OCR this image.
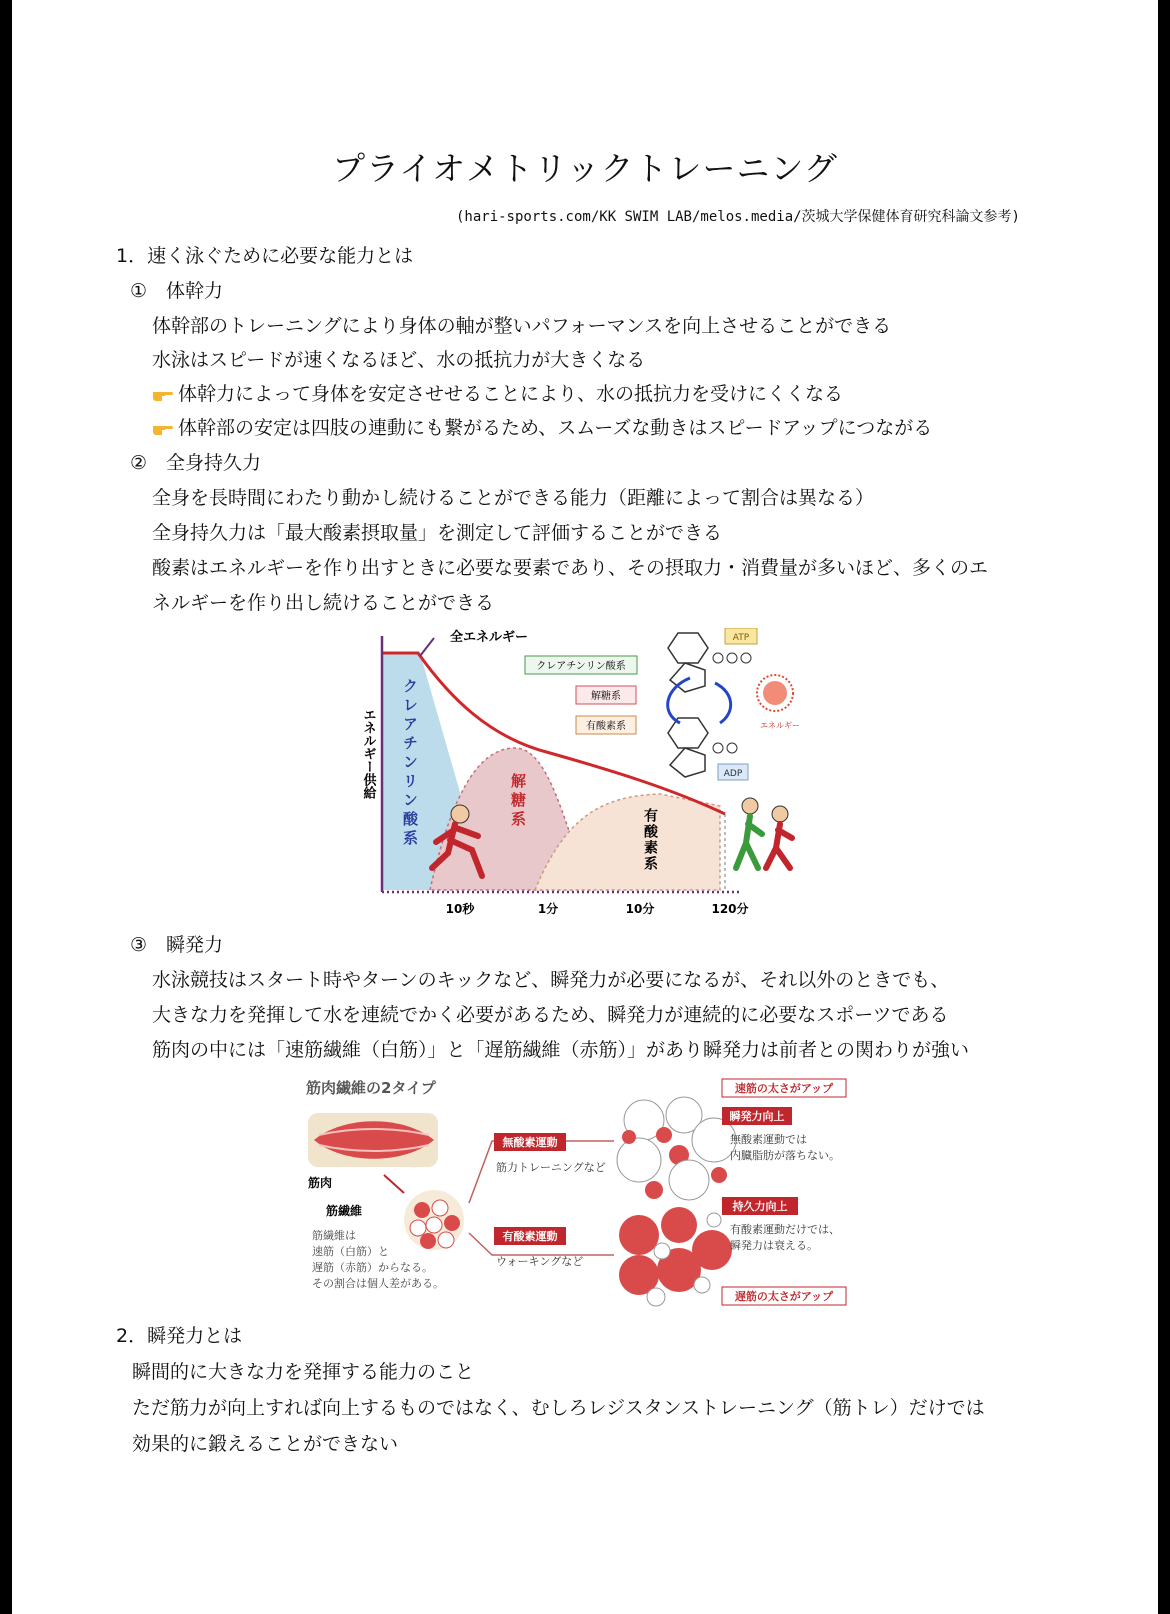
プライオメトリックトレーニング
(hari-sports.com/KK SWIM LAB/melos.media/茨城大学保健体育研究科論文参考)
1．速く泳ぐために必要な能力とは
①　体幹力
体幹部のトレーニングにより身体の軸が整いパフォーマンスを向上させることができる
水泳はスピードが速くなるほど、水の抵抗力が大きくなる
体幹力によって身体を安定させせることにより、水の抵抗力を受けにくくなる
体幹部の安定は四肢の連動にも繋がるため、スムーズな動きはスピードアップにつながる
②　全身持久力
全身を長時間にわたり動かし続けることができる能力（距離によって割合は異なる）
全身持久力は「最大酸素摂取量」を測定して評価することができる
酸素はエネルギーを作り出すときに必要な要素であり、その摂取力・消費量が多いほど、多くのエ
ネルギーを作り出し続けることができる
エネルギー供給
全エネルギー
クレアチンリン酸系	解糖系
有酸素系
10秒	1分	10分	120分
ATP
ADP
エネルギー
クレアチンリン酸系
解糖系
有酸素系
③　瞬発力
水泳競技はスタート時やターンのキックなど、瞬発力が必要になるが、それ以外のときでも、
大きな力を発揮して水を連続でかく必要があるため、瞬発力が連続的に必要なスポーツである
筋肉の中には「速筋繊維（白筋）」と「遅筋繊維（赤筋）」があり瞬発力は前者との関わりが強い
筋肉繊維の2タイプ
筋肉
筋繊維
筋繊維は
速筋（白筋）と
遅筋（赤筋）からなる。
その割合は個人差がある。
無酸素運動
筋力トレーニングなど
有酸素運動
ウォーキングなど
速筋の太さがアップ
瞬発力向上
無酸素運動では
内臓脂肪が落ちない。
持久力向上
有酸素運動だけでは、
瞬発力は衰える。
遅筋の太さがアップ
2．瞬発力とは
瞬間的に大きな力を発揮する能力のこと
ただ筋力が向上すれば向上するものではなく、むしろレジスタンストレーニング（筋トレ）だけでは
効果的に鍛えることができない
